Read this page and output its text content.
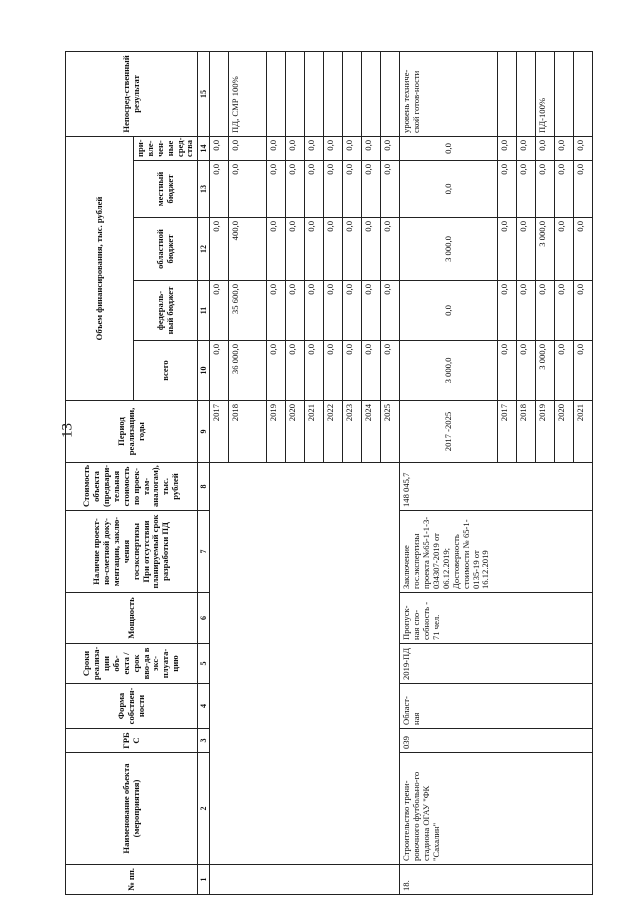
13
№ пп.	Наименование объекта (мероприятия)	ГРБ С	Форма собствен-ности	Сроки реализа-ции объ-екта / срок вво-да в экс-плуата-цию	Мощность	Наличие проект-но-сметной доку-ментации, заклю-чения госэкспертизы При отсутствии планируемый срок разработки ПД	Стоимость объекта (предвари-тельная стоимость по проек-там-аналогам), тыс. рублей	Период реализации, годы	Объем финансирования, тыс. рублей					Непосред-ственный результат
									всего	федераль-ный бюджет	областной бюджет	местный бюджет	при-вле-чен-ные сред-ства	
1	2	3	4	5	6	7	8	9	10	11	12	13	14	15
								2017	0,0	0,0	0,0	0,0	0,0	
								2018	36 000,0	35 600,0	400,0	0,0	0,0	ПД, СМР 100%
								2019	0,0	0,0	0,0	0,0	0,0	
								2020	0,0	0,0	0,0	0,0	0,0	
								2021	0,0	0,0	0,0	0,0	0,0	
								2022	0,0	0,0	0,0	0,0	0,0	
								2023	0,0	0,0	0,0	0,0	0,0	
								2024	0,0	0,0	0,0	0,0	0,0	
								2025	0,0	0,0	0,0	0,0	0,0	
18.	Строительство трени-ровочного футбольно-го стадиона ОГАУ "ФК "Сахалин"	039	Област-ная	2019-ПД	Пропуск-ная спо-собность - 71 чел.	Заключение гос.экспертизы проекта №65-1-1-3-034307-2019 от 06.12.2019; Достоверность стоимости № 65-1-0135-19 от 16.12.2019	148 045,7	2017 -2025	3 000,0	0,0	3 000,0	0,0	0,0	уровень техниче-ской готов-ности
								2017	0,0	0,0	0,0	0,0	0,0	
								2018	0,0	0,0	0,0	0,0	0,0	
								2019	3 000,0	0,0	3 000,0	0,0	0,0	ПД-100%
								2020	0,0	0,0	0,0	0,0	0,0	
								2021	0,0	0,0	0,0	0,0	0,0	
